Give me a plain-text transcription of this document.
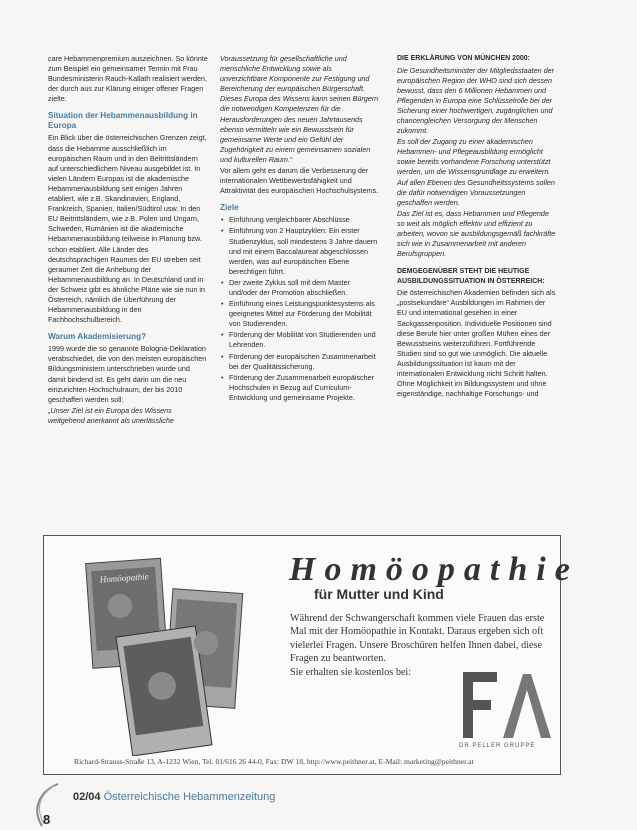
care Hebammenpremium auszeichnen. So könnte zum Beispiel ein gemeinsamer Termin mit Frau Bundesministerin Rauch-Kallath realisiert werden, der durch aus zur Klärung einiger offener Fragen zielte.

Situation der Hebammenausbildung in Europa

Ein Blick über die österreichischen Grenzen zeigt, dass die Hebamme ausschließlich im europäischen Raum und in den Beitrittsländern auf unterschiedlichem Niveau ausgebildet ist. In vielen Ländern Europas ist die akademische Hebammenausbildung seit einigen Jahren etabliert, wie z.B. Skandinavien, England, Frankreich, Spanien, Italien/Südtirol usw. In den EU Beitrittsländern, wie z.B. Polen und Ungarn, Schweden, Rumänien ist die akademische Hebammenausbildung teilweise in Planung bzw. schon etabliert. Alle Länder des deutschsprachigen Raumes der EU streben seit geraumer Zeit die Anhebung der Hebammenausbildung an. In Deutschland und in der Schweiz gibt es ähnliche Pläne wie sie nun in Österreich, nämlich die Überführung der Hebammenausbildung in den Fachhochschulbereich.

Warum Akademisierung?

1999 wurde die so genannte Bologna-Deklaration verabschiedet, die von den meisten europäischen Bildungsministern unterschrieben wurde und damit bindend ist. Es geht darin um die neu einzurichten Hochschulraum, der bis 2010 geschaffen werden soll:

„Unser Ziel ist ein Europa des Wissens weitgehend anerkannt als unerlässliche

Voraussetzung für gesellschaftliche und menschliche Entwicklung sowie als unverzichtbare Komponente zur Festigung und Bereicherung der europäischen Bürgerschaft. Dieses Europa des Wissens kann seinen Bürgern die notwendigen Kompetenzen für die Herausforderungen des neuen Jahrtausends ebenso vermitteln wie ein Bewusstsein für gemeinsame Werte und ein Gefühl der Zugehörigkeit zu einem gemeinsamen sozialen und kulturellen Raum.“

Vor allem geht es darum die Verbesserung der internationalen Wettbewerbsfähigkeit und Attraktivität des europäischen Hochschulsystems.

Ziele
• Einführung vergleichbarer Abschlüsse
• Einführung von 2 Hauptzyklen: Ein erster Studienzyklus, soll mindestens 3 Jahre dauern und mit einem Baccalaureat abgeschlossen werden, was auf europäischen Ebene berechtigen führt.
• Der zweite Zyklus soll mit dem Master und/oder der Promotion abschließen.
• Einführung eines Leistungspunktesystems als geeignetes Mittel zur Förderung der Mobilität von Studierenden.
• Förderung der Mobilität von Studierenden und Lehrenden.
• Förderung der europäischen Zusammenarbeit bei der Qualitätssicherung.
• Förderung der Zusammenarbeit europäischer Hochschulen in Bezug auf Curriculum-Entwicklung und gemeinsame Projekte.
DIE ERKLÄRUNG VON MÜNCHEN 2000:

Die Gesundheitsminister der Mitgliedsstaaten der europäischen Region der WHO sind sich dessen bewusst, dass den 6 Millionen Hebammen und Pflegenden in Europa eine Schlüsselrolle bei der Sicherung einer hochwertigen, zugänglichen und chancengleichen Versorgung der Menschen zukommt.

Es soll der Zugang zu einer akademischen Hebammen- und Pflegeausbildung ermöglicht sowie bereits vorhandene Forschung unterstützt werden, um die Wissensgrundlage zu erweitern. Auf allen Ebenen des Gesundheitssystems sollen die dafür notwendigen Voraussetzungen geschaffen werden.

Das Ziel ist es, dass Hebammen und Pflegende so weit als möglich effektiv und effizient zu arbeiten, wovon sie ausbildungsgemäß fachkräfte sich wie in Zusammenarbeit mit anderen Berufsgruppen.

DEMGEGENÜBER STEHT DIE HEUTIGE AUSBILDUNGSSITUATION IN ÖSTERREICH:

Die österreichischen Akademien befinden sich als „postsekundäre“ Ausbildungen im Rahmen der EU und international gesehen in einer Sackgassenposition. Individuelle Positionen sind diese Berufe hier unter großen Mühen eines der Bewusstseins weiterzuführen. Fortführende Studien sind so gut wie unmöglich. Die aktuelle Ausbildungssituation ist kaum mit der internationalen Entwicklung nicht Schritt halten. Ohne Möglichkeit im Bildungssystem und ohne eigenständige, nachhaltige Forschungs- und

Homöopathie	Homöopathie
für Mutter und Kind

Während der Schwangerschaft kommen viele Frauen das erste Mal mit der Homöopathie in Kontakt. Daraus ergeben sich oft vielerlei Fragen. Unsere Broschüren helfen Ihnen dabei, diese Fragen zu beantworten.

Sie erhalten sie kostenlos bei:

DR.PELLER GRUPPE
Richard-Strauss-Straße 13, A-1232 Wien, Tel. 01/616 26 44-0, Fax: DW 18, http://www.peithner.at, E-Mail: marketing@peithner.at
02/04 Österreichische Hebammenzeitung
8
